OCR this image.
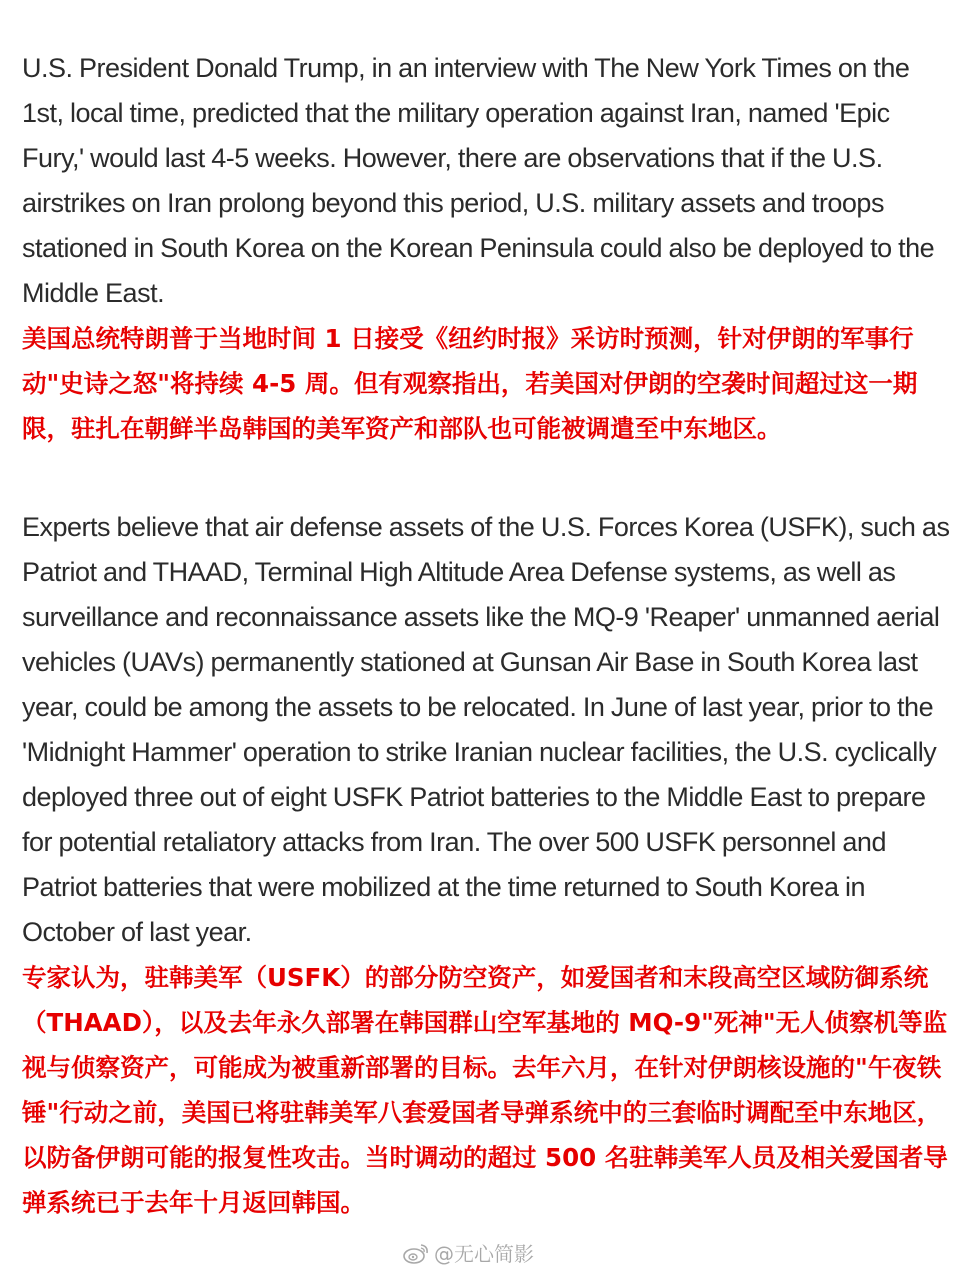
U.S. President Donald Trump, in an interview with The New York Times on the 1st, local time, predicted that the military operation against Iran, named 'Epic Fury,' would last 4-5 weeks. However, there are observations that if the U.S. airstrikes on Iran prolong beyond this period, U.S. military assets and troops stationed in South Korea on the Korean Peninsula could also be deployed to the Middle East.

美国总统特朗普于当地时间 1 日接受《纽约时报》采访时预测，针对伊朗的军事行动"史诗之怒"将持续 4-5 周。但有观察指出，若美国对伊朗的空袭时间超过这一期限，驻扎在朝鲜半岛韩国的美军资产和部队也可能被调遣至中东地区。

Experts believe that air defense assets of the U.S. Forces Korea (USFK), such as Patriot and THAAD, Terminal High Altitude Area Defense systems, as well as surveillance and reconnaissance assets like the MQ-9 'Reaper' unmanned aerial vehicles (UAVs) permanently stationed at Gunsan Air Base in South Korea last year, could be among the assets to be relocated. In June of last year, prior to the 'Midnight Hammer' operation to strike Iranian nuclear facilities, the U.S. cyclically deployed three out of eight USFK Patriot batteries to the Middle East to prepare for potential retaliatory attacks from Iran. The over 500 USFK personnel and Patriot batteries that were mobilized at the time returned to South Korea in October of last year.

专家认为，驻韩美军（USFK）的部分防空资产，如爱国者和末段高空区域防御系统（THAAD），以及去年永久部署在韩国群山空军基地的 MQ-9"死神"无人侦察机等监视与侦察资产，可能成为被重新部署的目标。去年六月，在针对伊朗核设施的"午夜铁锤"行动之前，美国已将驻韩美军八套爱国者导弹系统中的三套临时调配至中东地区，以防备伊朗可能的报复性攻击。当时调动的超过 500 名驻韩美军人员及相关爱国者导弹系统已于去年十月返回韩国。

@无心简影
